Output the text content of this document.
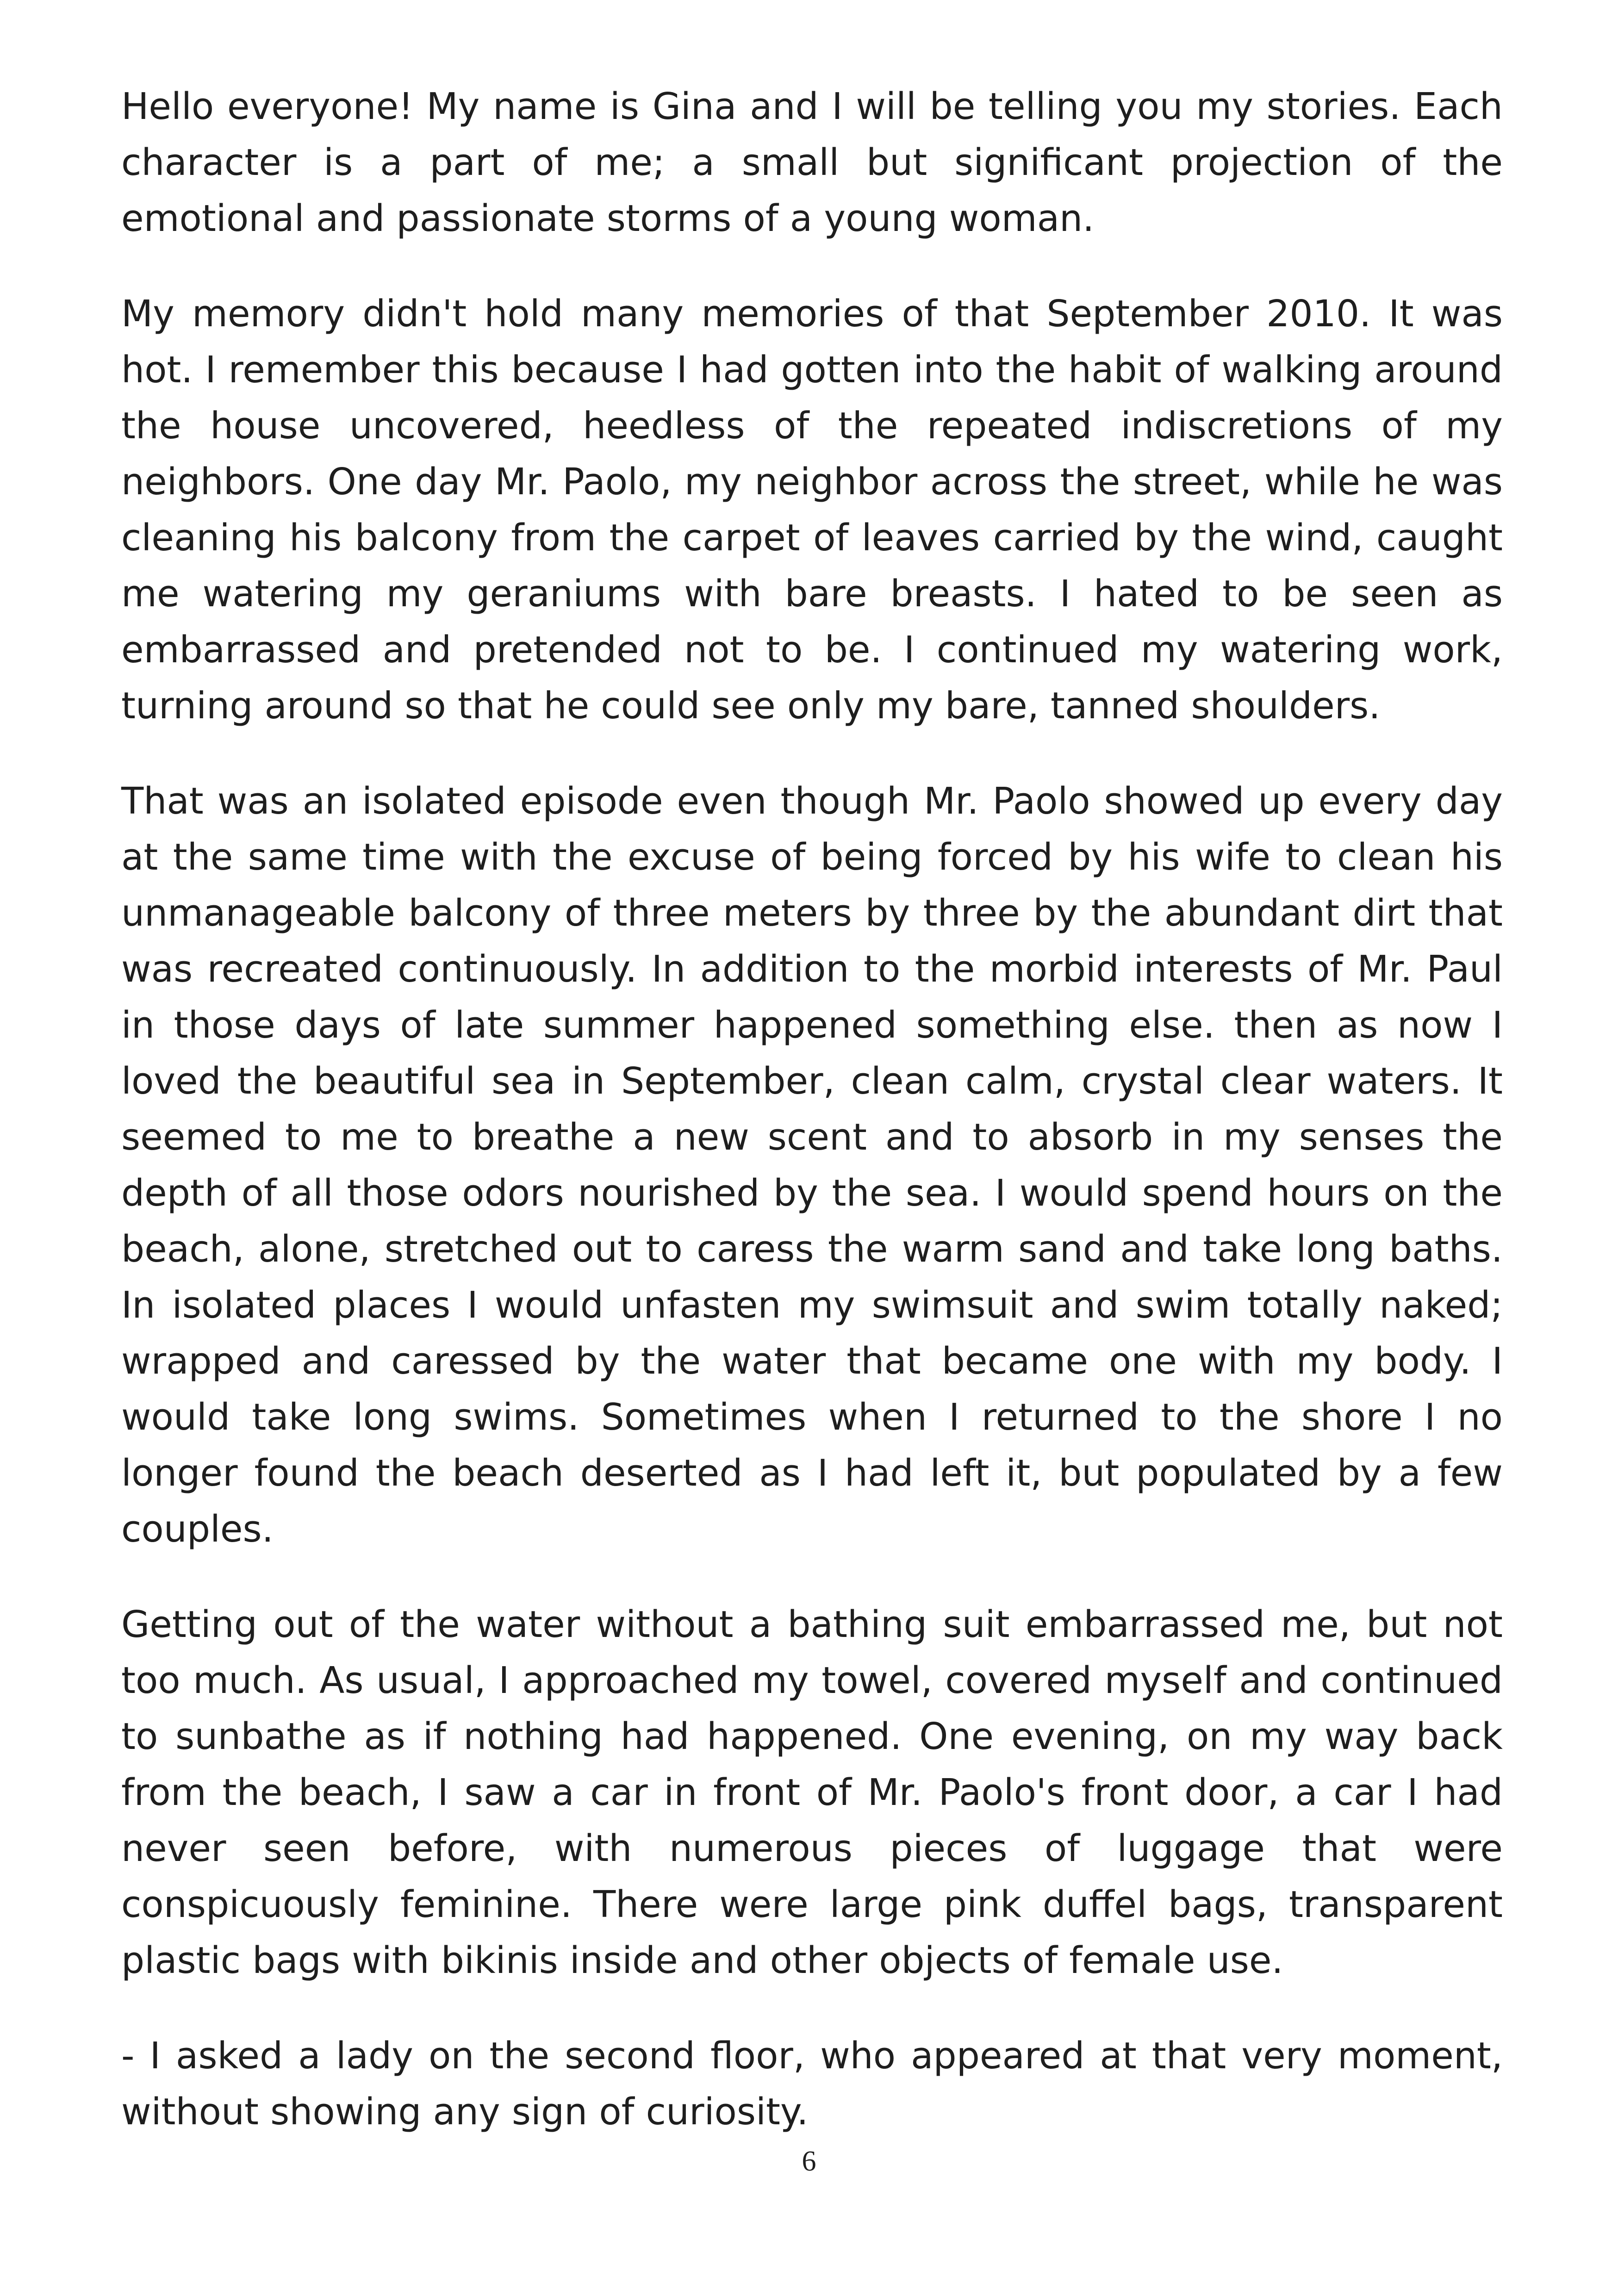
Hello everyone! My name is Gina and I will be telling you my stories. Each character is a part of me; a small but significant projection of the emotional and passionate storms of a young woman.

My memory didn't hold many memories of that September 2010. It was hot. I remember this because I had gotten into the habit of walking around the house uncovered, heedless of the repeated indiscretions of my neighbors. One day Mr. Paolo, my neighbor across the street, while he was cleaning his balcony from the carpet of leaves carried by the wind, caught me watering my geraniums with bare breasts. I hated to be seen as embarrassed and pretended not to be. I continued my watering work, turning around so that he could see only my bare, tanned shoulders.

That was an isolated episode even though Mr. Paolo showed up every day at the same time with the excuse of being forced by his wife to clean his unmanageable balcony of three meters by three by the abundant dirt that was recreated continuously. In addition to the morbid interests of Mr. Paul in those days of late summer happened something else. then as now I loved the beautiful sea in September, clean calm, crystal clear waters. It seemed to me to breathe a new scent and to absorb in my senses the depth of all those odors nourished by the sea. I would spend hours on the beach, alone, stretched out to caress the warm sand and take long baths. In isolated places I would unfasten my swimsuit and swim totally naked; wrapped and caressed by the water that became one with my body. I would take long swims. Sometimes when I returned to the shore I no longer found the beach deserted as I had left it, but populated by a few couples.

Getting out of the water without a bathing suit embarrassed me, but not too much. As usual, I approached my towel, covered myself and continued to sunbathe as if nothing had happened. One evening, on my way back from the beach, I saw a car in front of Mr. Paolo's front door, a car I had never seen before, with numerous pieces of luggage that were conspicuously feminine. There were large pink duffel bags, transparent plastic bags with bikinis inside and other objects of female use.

- I asked a lady on the second floor, who appeared at that very moment, without showing any sign of curiosity.

6
